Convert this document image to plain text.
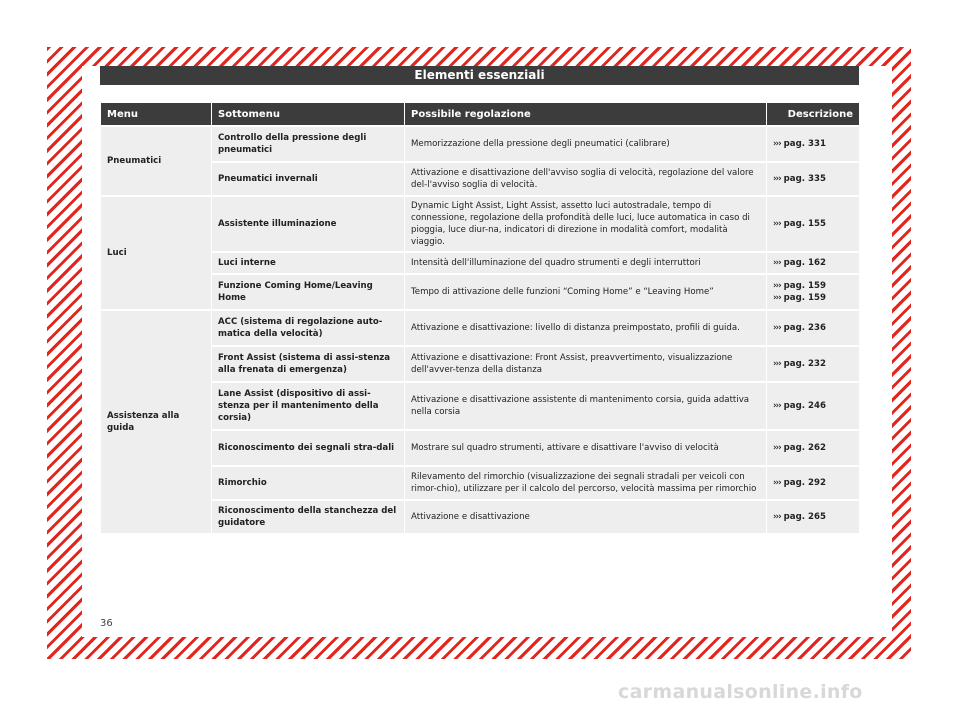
Elementi essenziali
Menu	Sottomenu	Possibile regolazione	Descrizione
Pneumatici	Controllo della pressione degli pneumatici	Memorizzazione della pressione degli pneumatici (calibrare)	››› pag. 331
	Pneumatici invernali	Attivazione e disattivazione dell'avviso soglia di velocità, regolazione del valore del-l'avviso soglia di velocità.	››› pag. 335
Luci	Assistente illuminazione	Dynamic Light Assist, Light Assist, assetto luci autostradale, tempo di connessione, regolazione della profondità delle luci, luce automatica in caso di pioggia, luce diur-na, indicatori di direzione in modalità comfort, modalità viaggio.	››› pag. 155
	Luci interne	Intensità dell'illuminazione del quadro strumenti e degli interruttori	››› pag. 162
	Funzione Coming Home/Leaving Home	Tempo di attivazione delle funzioni “Coming Home” e “Leaving Home”	››› pag. 159
››› pag. 159

Assistenza alla guida	ACC (sistema di regolazione auto-matica della velocità)	Attivazione e disattivazione: livello di distanza preimpostato, profili di guida.	››› pag. 236
	Front Assist (sistema di assi-stenza alla frenata di emergenza)	Attivazione e disattivazione: Front Assist, preavvertimento, visualizzazione dell'avver-tenza della distanza	››› pag. 232
	Lane Assist (dispositivo di assi-stenza per il mantenimento della corsia)	Attivazione e disattivazione assistente di mantenimento corsia, guida adattiva nella corsia	››› pag. 246
	Riconoscimento dei segnali stra-dali	Mostrare sul quadro strumenti, attivare e disattivare l'avviso di velocità	››› pag. 262
	Rimorchio	Rilevamento del rimorchio (visualizzazione dei segnali stradali per veicoli con rimor-chio), utilizzare per il calcolo del percorso, velocità massima per rimorchio	››› pag. 292
	Riconoscimento della stanchezza del guidatore	Attivazione e disattivazione	››› pag. 265
36
carmanualsonline.info
